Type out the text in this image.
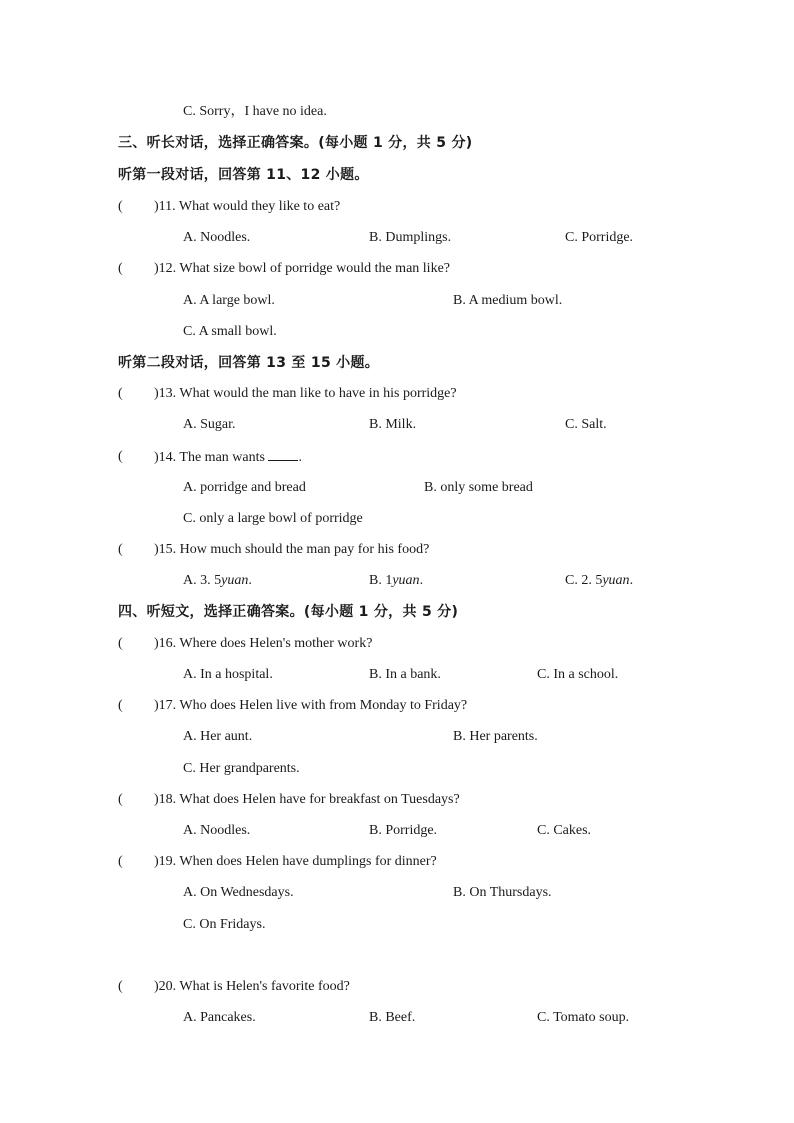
C. Sorry，I have no idea.
三、听长对话，选择正确答案。(每小题 1 分，共 5 分)
听第一段对话，回答第 11、12 小题。
( )11. What would they like to eat?
A. Noodles.	B. Dumplings.	C. Porridge.
( )12. What size bowl of porridge would the man like?
A. A large bowl.	B. A medium bowl.
C. A small bowl.
听第二段对话，回答第 13 至 15 小题。
( )13. What would the man like to have in his porridge?
A. Sugar.	B. Milk.	C. Salt.
( )14. The man wants .
A. porridge and bread	B. only some bread
C. only a large bowl of porridge
( )15. How much should the man pay for his food?
A. 3. 5yuan.	B. 1yuan.	C. 2. 5yuan.
四、听短文，选择正确答案。(每小题 1 分，共 5 分)
( )16. Where does Helen's mother work?
A. In a hospital.	B. In a bank.	C. In a school.
( )17. Who does Helen live with from Monday to Friday?
A. Her aunt.	B. Her parents.
C. Her grandparents.
( )18. What does Helen have for breakfast on Tuesdays?
A. Noodles.	B. Porridge.	C. Cakes.
( )19. When does Helen have dumplings for dinner?
A. On Wednesdays.	B. On Thursdays.
C. On Fridays.
( )20. What is Helen's favorite food?
A. Pancakes.	B. Beef.	C. Tomato soup.
